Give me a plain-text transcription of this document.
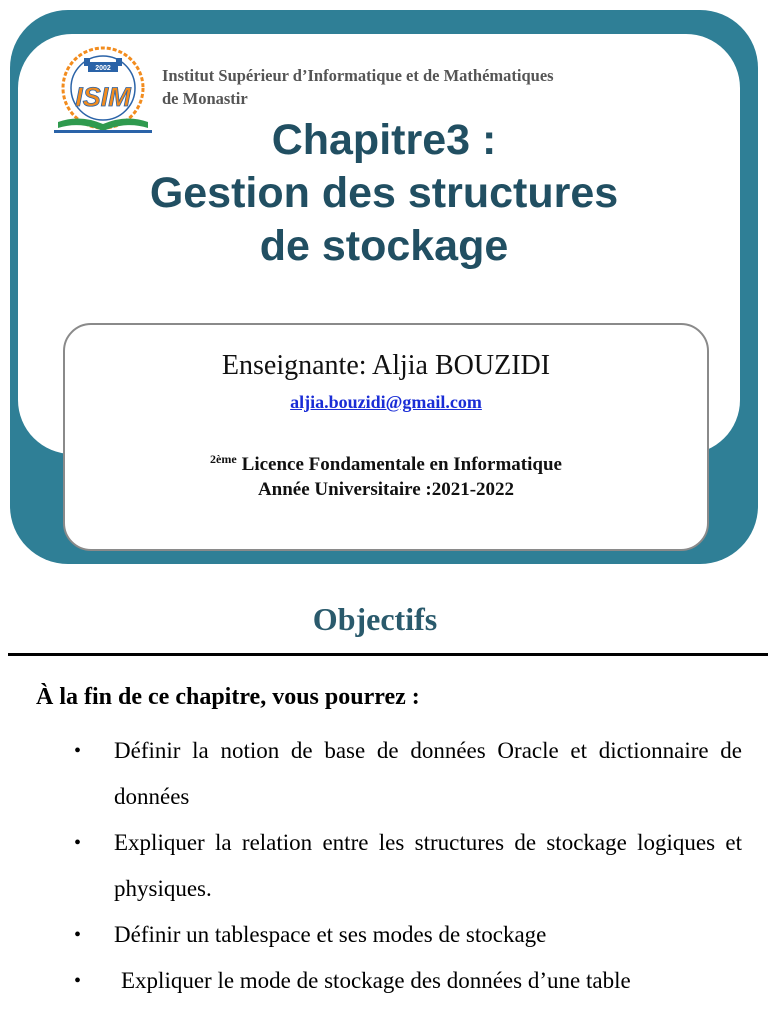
2002
ISIM
Institut Supérieur d’Informatique et de Mathématiques
de Monastir
Chapitre3 :
Gestion des structures
de stockage
Enseignante: Aljia BOUZIDI
aljia.bouzidi@gmail.com
$^{2ème}$ Licence Fondamentale en Informatique
Année Universitaire :2021-2022
Objectifs
À la fin de ce chapitre, vous pourrez :
• Définir la notion de base de données Oracle et dictionnaire de données
• Expliquer la relation entre les structures de stockage logiques et physiques.
• Définir un tablespace et ses modes de stockage
• Expliquer le mode de stockage des données d’une table
